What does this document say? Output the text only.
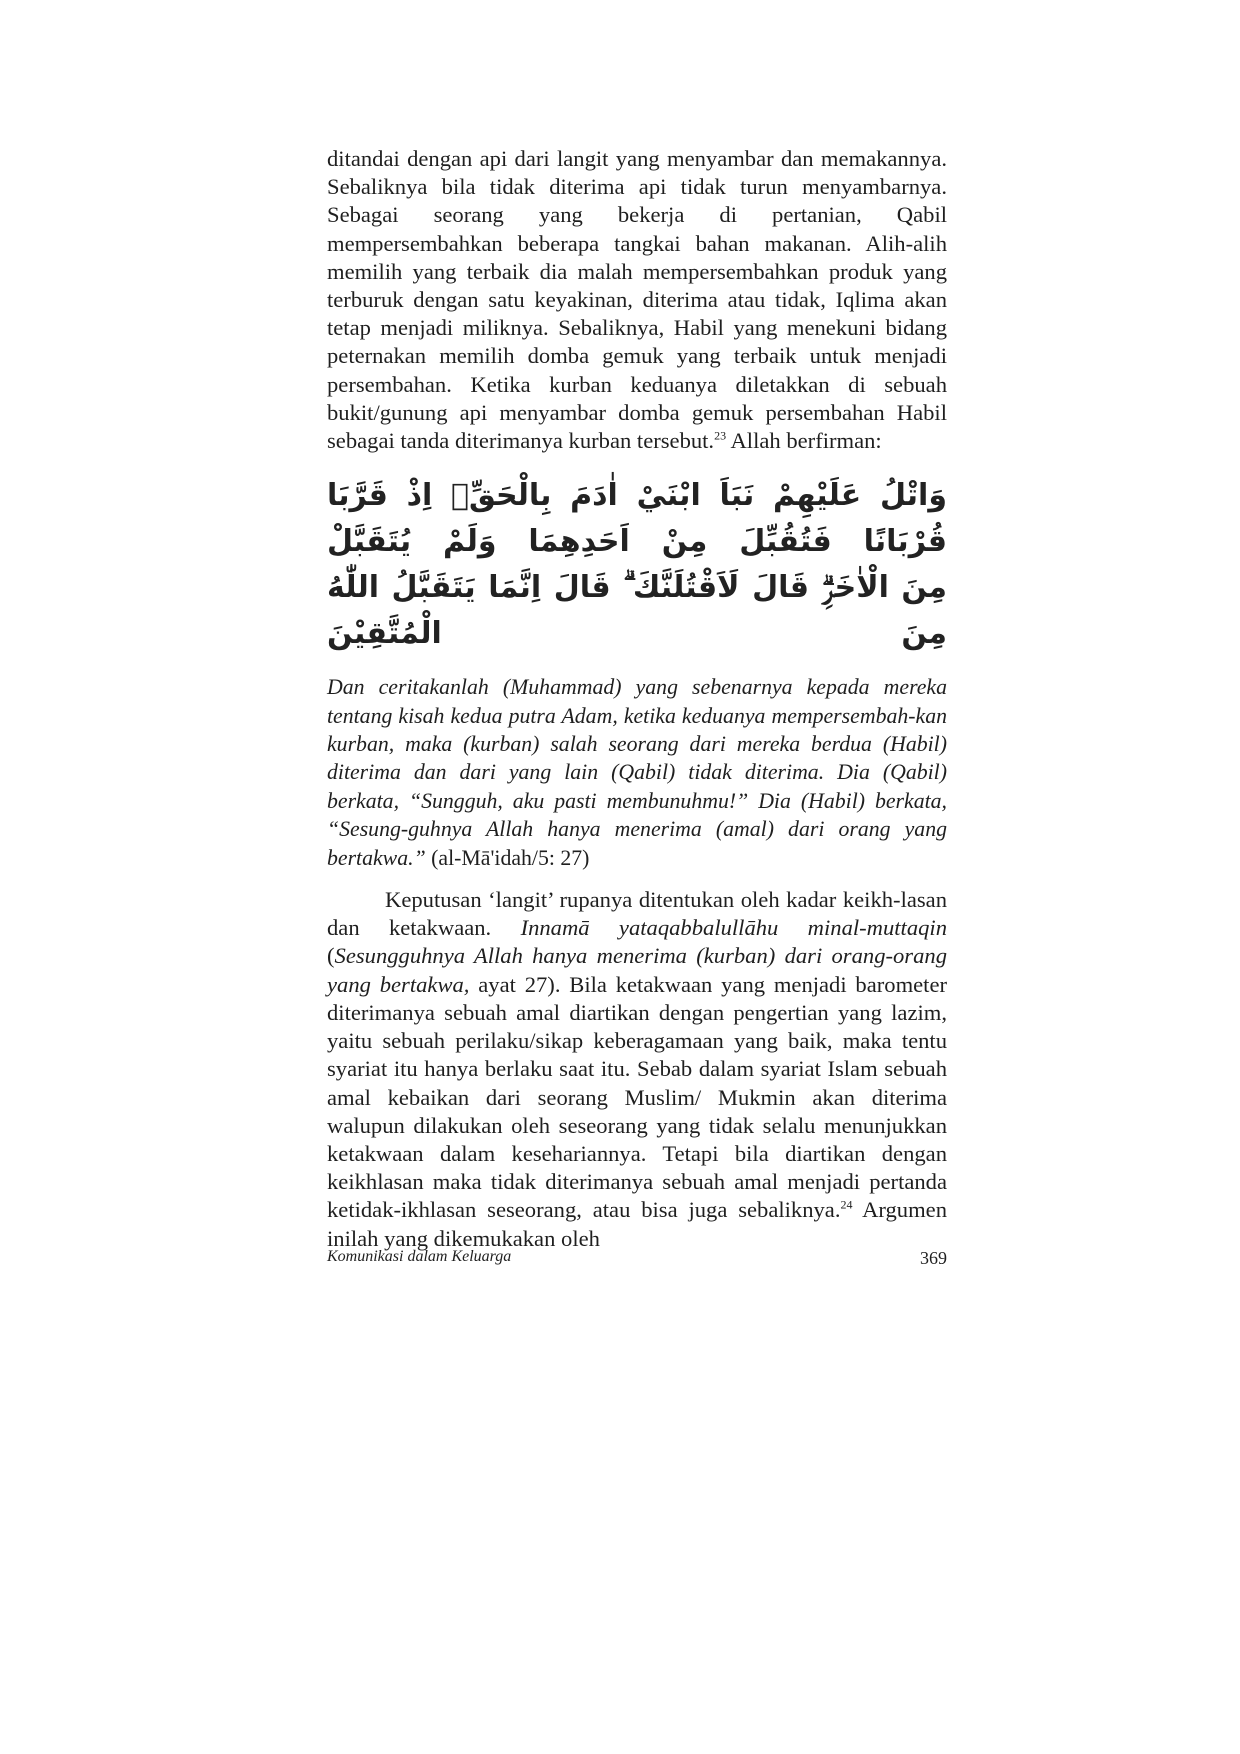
ditandai dengan api dari langit yang menyambar dan memakannya. Sebaliknya bila tidak diterima api tidak turun menyambarnya. Sebagai seorang yang bekerja di pertanian, Qabil mempersembahkan beberapa tangkai bahan makanan. Alih-alih memilih yang terbaik dia malah mempersembahkan produk yang terburuk dengan satu keyakinan, diterima atau tidak, Iqlima akan tetap menjadi miliknya. Sebaliknya, Habil yang menekuni bidang peternakan memilih domba gemuk yang terbaik untuk menjadi persembahan. Ketika kurban keduanya diletakkan di sebuah bukit/gunung api menyambar domba gemuk persembahan Habil sebagai tanda diterimanya kurban tersebut.$^{23}$ Allah berfirman:

وَاتْلُ عَلَيْهِمْ نَبَاَ ابْنَيْ اٰدَمَ بِالْحَقِّۘ اِذْ قَرَّبَا قُرْبَانًا فَتُقُبِّلَ مِنْ اَحَدِهِمَا وَلَمْ يُتَقَبَّلْ
مِنَ الْاٰخَرِۗ قَالَ لَاَقْتُلَنَّكَ ۗ قَالَ اِنَّمَا يَتَقَبَّلُ اللّٰهُ مِنَ الْمُتَّقِيْنَ

Dan ceritakanlah (Muhammad) yang sebenarnya kepada mereka tentang kisah kedua putra Adam, ketika keduanya mempersembah-kan kurban, maka (kurban) salah seorang dari mereka berdua (Habil) diterima dan dari yang lain (Qabil) tidak diterima. Dia (Qabil) berkata, “Sungguh, aku pasti membunuhmu!” Dia (Habil) berkata, “Sesung-guhnya Allah hanya menerima (amal) dari orang yang bertakwa.” (al-Mā'idah/5: 27)

Keputusan ‘langit’ rupanya ditentukan oleh kadar keikh-lasan dan ketakwaan. Innamā yataqabbalullāhu minal-muttaqin (Sesungguhnya Allah hanya menerima (kurban) dari orang-orang yang bertakwa, ayat 27). Bila ketakwaan yang menjadi barometer diterimanya sebuah amal diartikan dengan pengertian yang lazim, yaitu sebuah perilaku/sikap keberagamaan yang baik, maka tentu syariat itu hanya berlaku saat itu. Sebab dalam syariat Islam sebuah amal kebaikan dari seorang Muslim/ Mukmin akan diterima walupun dilakukan oleh seseorang yang tidak selalu menunjukkan ketakwaan dalam kesehariannya. Tetapi bila diartikan dengan keikhlasan maka tidak diterimanya sebuah amal menjadi pertanda ketidak-ikhlasan seseorang, atau bisa juga sebaliknya.$^{24}$ Argumen inilah yang dikemukakan oleh

Komunikasi dalam Keluarga	369
